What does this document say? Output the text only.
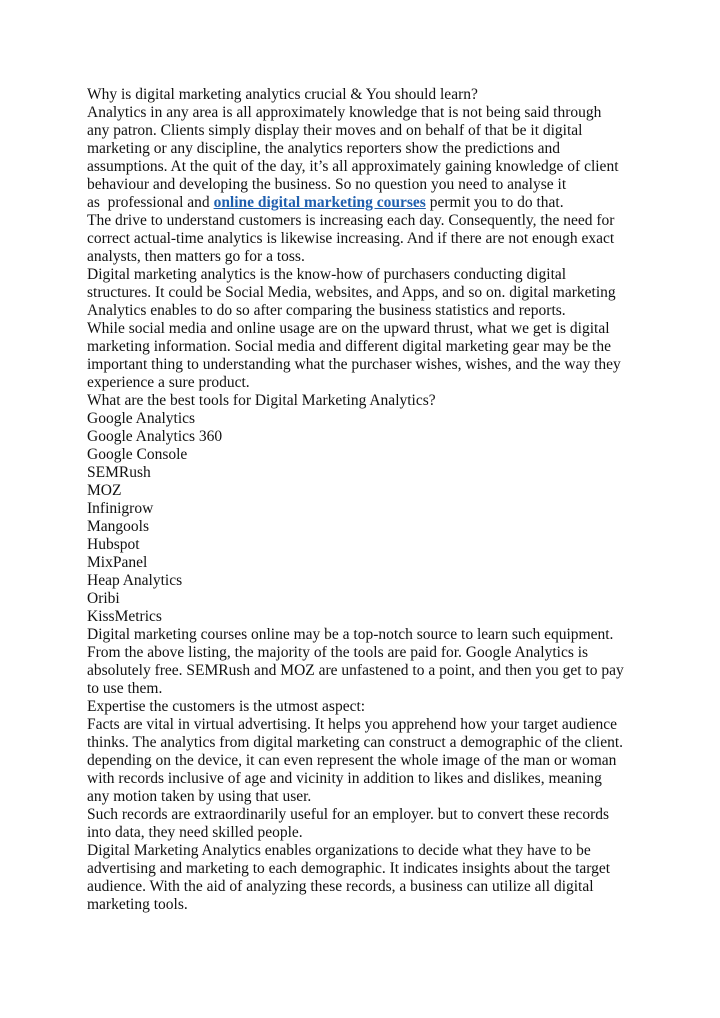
Why is digital marketing analytics crucial & You should learn?
Analytics in any area is all approximately knowledge that is not being said through
any patron. Clients simply display their moves and on behalf of that be it digital
marketing or any discipline, the analytics reporters show the predictions and
assumptions. At the quit of the day, it’s all approximately gaining knowledge of client
behaviour and developing the business. So no question you need to analyse it
as  professional and online digital marketing courses permit you to do that.
The drive to understand customers is increasing each day. Consequently, the need for
correct actual-time analytics is likewise increasing. And if there are not enough exact
analysts, then matters go for a toss.
Digital marketing analytics is the know-how of purchasers conducting digital
structures. It could be Social Media, websites, and Apps, and so on. digital marketing
Analytics enables to do so after comparing the business statistics and reports.
While social media and online usage are on the upward thrust, what we get is digital
marketing information. Social media and different digital marketing gear may be the
important thing to understanding what the purchaser wishes, wishes, and the way they
experience a sure product.
What are the best tools for Digital Marketing Analytics?
Google Analytics
Google Analytics 360
Google Console
SEMRush
MOZ
Infinigrow
Mangools
Hubspot
MixPanel
Heap Analytics
Oribi
KissMetrics
Digital marketing courses online may be a top-notch source to learn such equipment.
From the above listing, the majority of the tools are paid for. Google Analytics is
absolutely free. SEMRush and MOZ are unfastened to a point, and then you get to pay
to use them.
Expertise the customers is the utmost aspect:
Facts are vital in virtual advertising. It helps you apprehend how your target audience
thinks. The analytics from digital marketing can construct a demographic of the client.
depending on the device, it can even represent the whole image of the man or woman
with records inclusive of age and vicinity in addition to likes and dislikes, meaning
any motion taken by using that user.
Such records are extraordinarily useful for an employer. but to convert these records
into data, they need skilled people.
Digital Marketing Analytics enables organizations to decide what they have to be
advertising and marketing to each demographic. It indicates insights about the target
audience. With the aid of analyzing these records, a business can utilize all digital
marketing tools.
